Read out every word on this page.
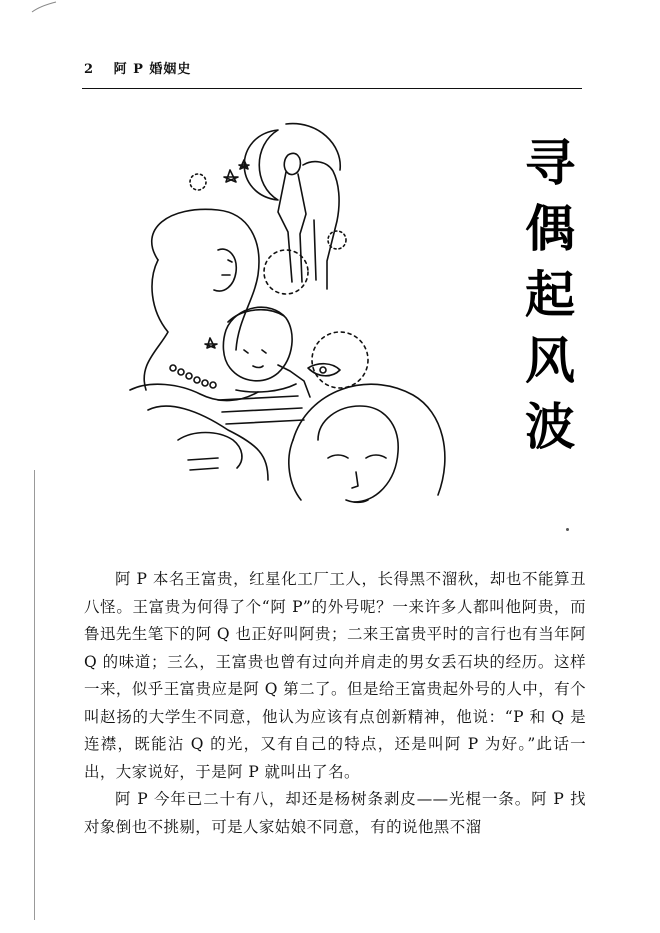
2 阿 P 婚姻史
寻
偶
起
风
波

阿 P 本名王富贵，红星化工厂工人，长得黑不溜秋，却也不能算丑八怪。王富贵为何得了个“阿 P”的外号呢？一来许多人都叫他阿贵，而鲁迅先生笔下的阿 Q 也正好叫阿贵；二来王富贵平时的言行也有当年阿 Q 的味道；三么，王富贵也曾有过向并肩走的男女丢石块的经历。这样一来，似乎王富贵应是阿 Q 第二了。但是给王富贵起外号的人中，有个叫赵扬的大学生不同意，他认为应该有点创新精神，他说：“P 和 Q 是连襟，既能沾 Q 的光，又有自己的特点，还是叫阿 P 为好。”此话一出，大家说好，于是阿 P 就叫出了名。

阿 P 今年已二十有八，却还是杨树条剥皮——光棍一条。阿 P 找对象倒也不挑剔，可是人家姑娘不同意，有的说他黑不溜
